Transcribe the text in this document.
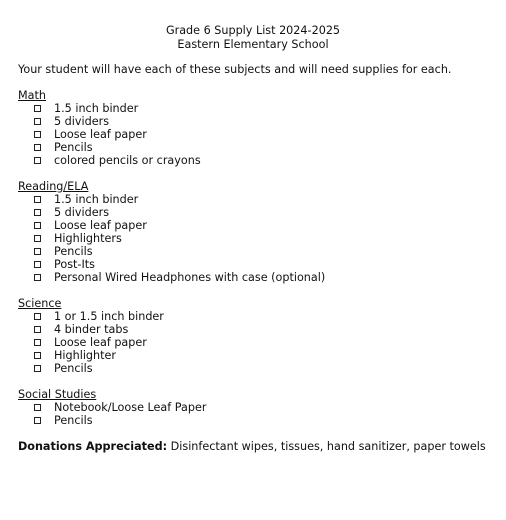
Grade 6 Supply List 2024-2025
Eastern Elementary School
Your student will have each of these subjects and will need supplies for each.
Math
1.5 inch binder
5 dividers
Loose leaf paper
Pencils
colored pencils or crayons
Reading/ELA
1.5 inch binder
5 dividers
Loose leaf paper
Highlighters
Pencils
Post-Its
Personal Wired Headphones with case (optional)
Science
1 or 1.5 inch binder
4 binder tabs
Loose leaf paper
Highlighter
Pencils
Social Studies
Notebook/Loose Leaf Paper
Pencils
Donations Appreciated: Disinfectant wipes, tissues, hand sanitizer, paper towels
